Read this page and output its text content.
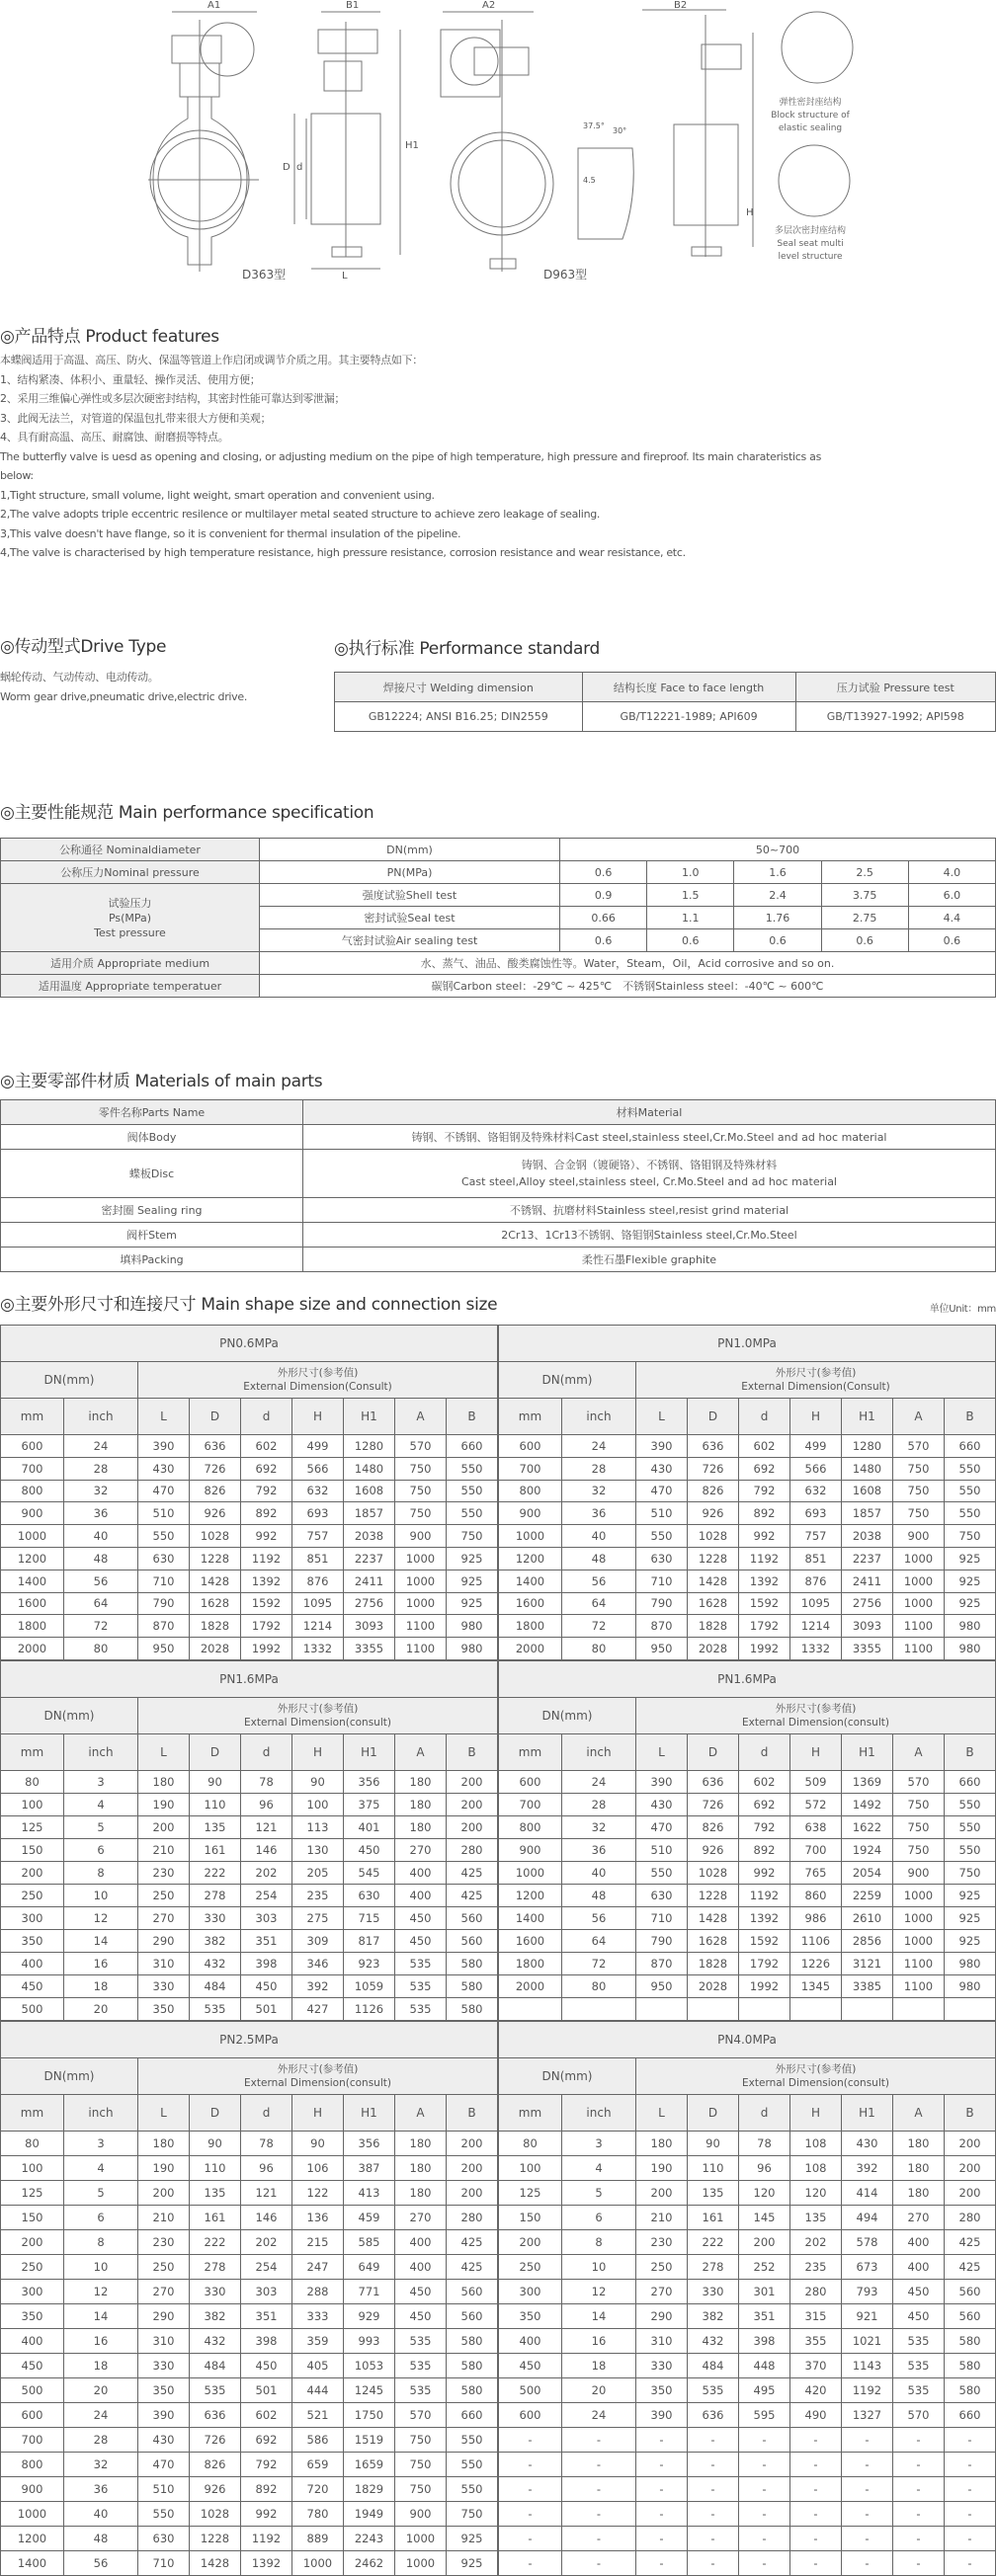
A1
D363型
B1
H1
L
D d
A2
D963型
37.5°
30°
4.5
B2
H
弹性密封座结构
Block structure of
elastic sealing
多层次密封座结构
Seal seat multi
level structure
◎产品特点 Product features
本蝶阀适用于高温、高压、防火、保温等管道上作启闭或调节介质之用。其主要特点如下：
1、结构紧凑、体积小、重量轻、操作灵活、使用方便；
2、采用三维偏心弹性或多层次硬密封结构，其密封性能可靠达到零泄漏；
3、此阀无法兰，对管道的保温包扎带来很大方便和美观；
4、具有耐高温、高压、耐腐蚀、耐磨损等特点。
The butterfly valve is uesd as opening and closing, or adjusting medium on the pipe of high temperature, high pressure and fireproof. Its main charateristics as
below:
1,Tight structure, small volume, light weight, smart operation and convenient using.
2,The valve adopts triple eccentric resilence or multilayer metal seated structure to achieve zero leakage of sealing.
3,This valve doesn't have flange, so it is convenient for thermal insulation of the pipeline.
4,The valve is characterised by high temperature resistance, high pressure resistance, corrosion resistance and wear resistance, etc.
◎传动型式Drive Type
蜗轮传动、气动传动、电动传动。
Worm gear drive,pneumatic drive,electric drive.
◎执行标准 Performance standard
焊接尺寸 Welding dimension	结构长度 Face to face length	压力试验 Pressure test
GB12224; ANSI B16.25; DIN2559	GB/T12221-1989; API609	GB/T13927-1992; API598
◎主要性能规范 Main performance specification
公称通径 Nominaldiameter	DN(mm)	50~700				
公称压力Nominal pressure	PN(MPa)	0.6	1.0	1.6	2.5	4.0

试验压力
Ps(MPa)
Test pressure	强度试验Shell test	0.9	1.5	2.4	3.75	6.0
	密封试验Seal test	0.66	1.1	1.76	2.75	4.4
	气密封试验Air sealing test	0.6	0.6	0.6	0.6	0.6
适用介质 Appropriate medium	水、蒸气、油品、酸类腐蚀性等。Water，Steam，Oil，Acid corrosive and so on.					
适用温度 Appropriate temperatuer	碳钢Carbon steel：-29℃ ~ 425℃　不锈钢Stainless steel：-40℃ ~ 600℃					
◎主要零部件材质 Materials of main parts
零件名称Parts Name	材料Material
阀体Body	铸钢、不锈钢、铬钼钢及特殊材料Cast steel,stainless steel,Cr.Mo.Steel and ad hoc material
蝶板Disc	铸钢、合金钢（镀硬铬）、不锈钢、铬钼钢及特殊材料
Cast steel,Alloy steel,stainless steel, Cr.Mo.Steel and ad hoc material

密封圈 Sealing ring	不锈钢、抗磨材料Stainless steel,resist grind material
阀杆Stem	2Cr13、1Cr13不锈钢、铬钼钢Stainless steel,Cr.Mo.Steel
填料Packing	柔性石墨Flexible graphite
◎主要外形尺寸和连接尺寸 Main shape size and connection size	单位Unit：mm
PN0.6MPa								
DN(mm)		外形尺寸(参考值)
External Dimension(Consult)						

mm	inch	L	D	d	H	H1	A	B
600	24	390	636	602	499	1280	570	660
700	28	430	726	692	566	1480	750	550
800	32	470	826	792	632	1608	750	550
900	36	510	926	892	693	1857	750	550
1000	40	550	1028	992	757	2038	900	750
1200	48	630	1228	1192	851	2237	1000	925
1400	56	710	1428	1392	876	2411	1000	925
1600	64	790	1628	1592	1095	2756	1000	925
1800	72	870	1828	1792	1214	3093	1100	980
2000	80	950	2028	1992	1332	3355	1100	980
PN1.0MPa								
DN(mm)		外形尺寸(参考值)
External Dimension(Consult)						

mm	inch	L	D	d	H	H1	A	B
600	24	390	636	602	499	1280	570	660
700	28	430	726	692	566	1480	750	550
800	32	470	826	792	632	1608	750	550
900	36	510	926	892	693	1857	750	550
1000	40	550	1028	992	757	2038	900	750
1200	48	630	1228	1192	851	2237	1000	925
1400	56	710	1428	1392	876	2411	1000	925
1600	64	790	1628	1592	1095	2756	1000	925
1800	72	870	1828	1792	1214	3093	1100	980
2000	80	950	2028	1992	1332	3355	1100	980
PN1.6MPa								
DN(mm)		外形尺寸(参考值)
External Dimension(consult)						

mm	inch	L	D	d	H	H1	A	B
80	3	180	90	78	90	356	180	200
100	4	190	110	96	100	375	180	200
125	5	200	135	121	113	401	180	200
150	6	210	161	146	130	450	270	280
200	8	230	222	202	205	545	400	425
250	10	250	278	254	235	630	400	425
300	12	270	330	303	275	715	450	560
350	14	290	382	351	309	817	450	560
400	16	310	432	398	346	923	535	580
450	18	330	484	450	392	1059	535	580
500	20	350	535	501	427	1126	535	580
PN1.6MPa								
DN(mm)		外形尺寸(参考值)
External Dimension(consult)						

mm	inch	L	D	d	H	H1	A	B
600	24	390	636	602	509	1369	570	660
700	28	430	726	692	572	1492	750	550
800	32	470	826	792	638	1622	750	550
900	36	510	926	892	700	1924	750	550
1000	40	550	1028	992	765	2054	900	750
1200	48	630	1228	1192	860	2259	1000	925
1400	56	710	1428	1392	986	2610	1000	925
1600	64	790	1628	1592	1106	2856	1000	925
1800	72	870	1828	1792	1226	3121	1100	980
2000	80	950	2028	1992	1345	3385	1100	980

PN2.5MPa								
DN(mm)		外形尺寸(参考值)
External Dimension(consult)						

mm	inch	L	D	d	H	H1	A	B
80	3	180	90	78	90	356	180	200
100	4	190	110	96	106	387	180	200
125	5	200	135	121	122	413	180	200
150	6	210	161	146	136	459	270	280
200	8	230	222	202	215	585	400	425
250	10	250	278	254	247	649	400	425
300	12	270	330	303	288	771	450	560
350	14	290	382	351	333	929	450	560
400	16	310	432	398	359	993	535	580
450	18	330	484	450	405	1053	535	580
500	20	350	535	501	444	1245	535	580
600	24	390	636	602	521	1750	570	660
700	28	430	726	692	586	1519	750	550
800	32	470	826	792	659	1659	750	550
900	36	510	926	892	720	1829	750	550
1000	40	550	1028	992	780	1949	900	750
1200	48	630	1228	1192	889	2243	1000	925
1400	56	710	1428	1392	1000	2462	1000	925
PN4.0MPa								
DN(mm)		外形尺寸(参考值)
External Dimension(consult)						

mm	inch	L	D	d	H	H1	A	B
80	3	180	90	78	108	430	180	200
100	4	190	110	96	108	392	180	200
125	5	200	135	120	120	414	180	200
150	6	210	161	145	135	494	270	280
200	8	230	222	200	202	578	400	425
250	10	250	278	252	235	673	400	425
300	12	270	330	301	280	793	450	560
350	14	290	382	351	315	921	450	560
400	16	310	432	398	355	1021	535	580
450	18	330	484	448	370	1143	535	580
500	20	350	535	495	420	1192	535	580
600	24	390	636	595	490	1327	570	660
-	-	-	-	-	-	-	-	-
-	-	-	-	-	-	-	-	-
-	-	-	-	-	-	-	-	-
-	-	-	-	-	-	-	-	-
-	-	-	-	-	-	-	-	-
-	-	-	-	-	-	-	-	-
